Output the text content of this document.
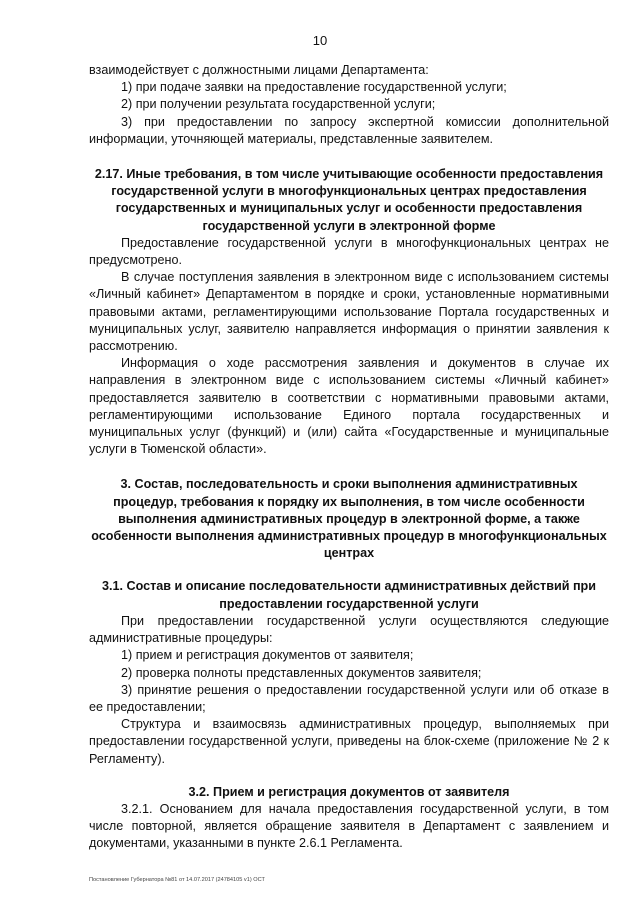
10

взаимодействует с должностными лицами Департамента:

1) при подаче заявки на предоставление государственной услуги;

2) при получении результата государственной услуги;

3) при предоставлении по запросу экспертной комиссии дополнительной информации, уточняющей материалы, представленные заявителем.

2.17. Иные требования, в том числе учитывающие особенности предоставления государственной услуги в многофункциональных центрах предоставления государственных и муниципальных услуг и особенности предоставления государственной услуги в электронной форме

Предоставление государственной услуги в многофункциональных центрах не предусмотрено.

В случае поступления заявления в электронном виде с использованием системы «Личный кабинет» Департаментом в порядке и сроки, установленные нормативными правовыми актами, регламентирующими использование Портала государственных и муниципальных услуг, заявителю направляется информация о принятии заявления к рассмотрению.

Информация о ходе рассмотрения заявления и документов в случае их направления в электронном виде с использованием системы «Личный кабинет» предоставляется заявителю в соответствии с нормативными правовыми актами, регламентирующими использование Единого портала государственных и муниципальных услуг (функций) и (или) сайта «Государственные и муниципальные услуги в Тюменской области».

3. Состав, последовательность и сроки выполнения административных процедур, требования к порядку их выполнения, в том числе особенности выполнения административных процедур в электронной форме, а также особенности выполнения административных процедур в многофункциональных центрах

3.1. Состав и описание последовательности административных действий при предоставлении государственной услуги

При предоставлении государственной услуги осуществляются следующие административные процедуры:

1) прием и регистрация документов от заявителя;

2) проверка полноты представленных документов заявителя;

3) принятие решения о предоставлении государственной услуги или об отказе в ее предоставлении;

Структура и взаимосвязь административных процедур, выполняемых при предоставлении государственной услуги, приведены на блок-схеме (приложение № 2 к Регламенту).

3.2. Прием и регистрация документов от заявителя

3.2.1. Основанием для начала предоставления государственной услуги, в том числе повторной, является обращение заявителя в Департамент с заявлением и документами, указанными в пункте 2.6.1 Регламента.

Постановление Губернатора №81 от 14.07.2017 (24784105 v1) ОСТ
